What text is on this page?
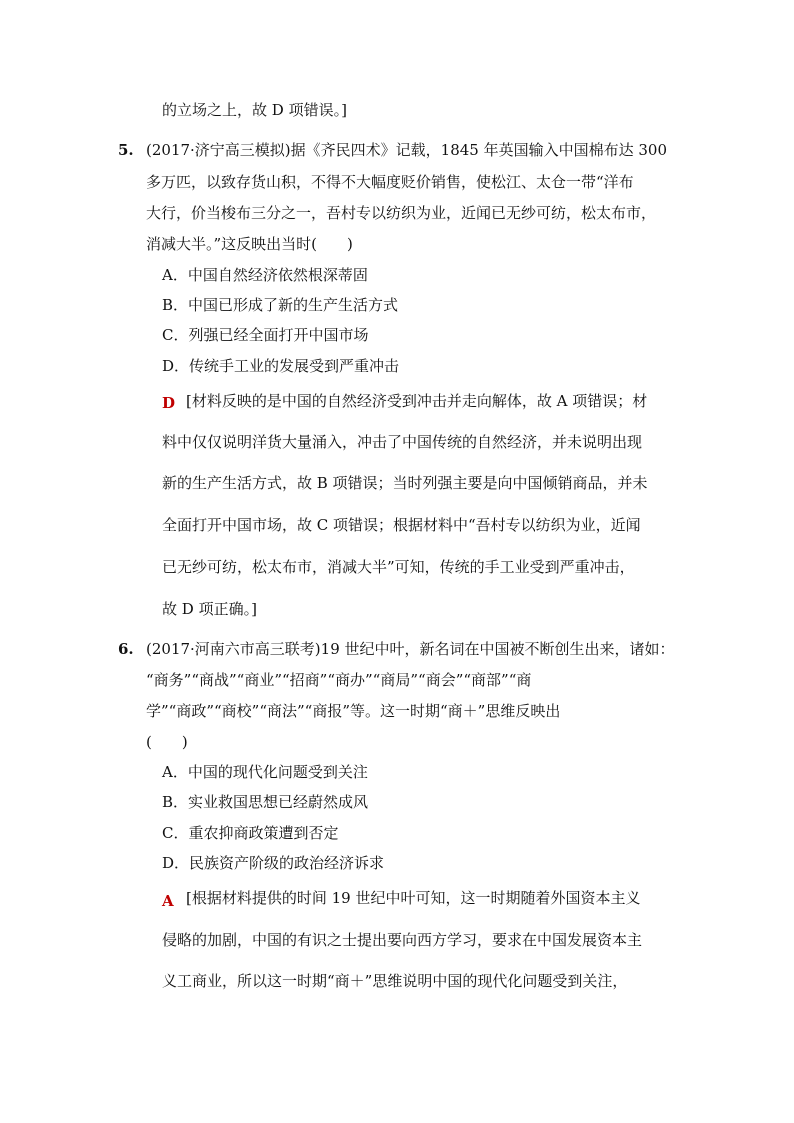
的立场之上，故 D 项错误。]
5. (2017·济宁高三模拟)据《齐民四术》记载，1845 年英国输入中国棉布达 300
多万匹，以致存货山积，不得不大幅度贬价销售，使松江、太仓一带“洋布
大行，价当梭布三分之一，吾村专以纺织为业，近闻已无纱可纺，松太布市，
消减大半。”这反映出当时(　　)
A．中国自然经济依然根深蒂固
B．中国已形成了新的生产生活方式
C．列强已经全面打开中国市场
D．传统手工业的发展受到严重冲击
D [材料反映的是中国的自然经济受到冲击并走向解体，故 A 项错误；材
料中仅仅说明洋货大量涌入，冲击了中国传统的自然经济，并未说明出现
新的生产生活方式，故 B 项错误；当时列强主要是向中国倾销商品，并未
全面打开中国市场，故 C 项错误；根据材料中“吾村专以纺织为业，近闻
已无纱可纺，松太布市，消减大半”可知，传统的手工业受到严重冲击，
故 D 项正确。]
6. (2017·河南六市高三联考)19 世纪中叶，新名词在中国被不断创生出来，诸如：
“商务”“商战”“商业”“招商”“商办”“商局”“商会”“商部”“商
学”“商政”“商校”“商法”“商报”等。这一时期“商＋”思维反映出
(　　)
A．中国的现代化问题受到关注
B．实业救国思想已经蔚然成风
C．重农抑商政策遭到否定
D．民族资产阶级的政治经济诉求
A [根据材料提供的时间 19 世纪中叶可知，这一时期随着外国资本主义
侵略的加剧，中国的有识之士提出要向西方学习，要求在中国发展资本主
义工商业，所以这一时期“商＋”思维说明中国的现代化问题受到关注，
